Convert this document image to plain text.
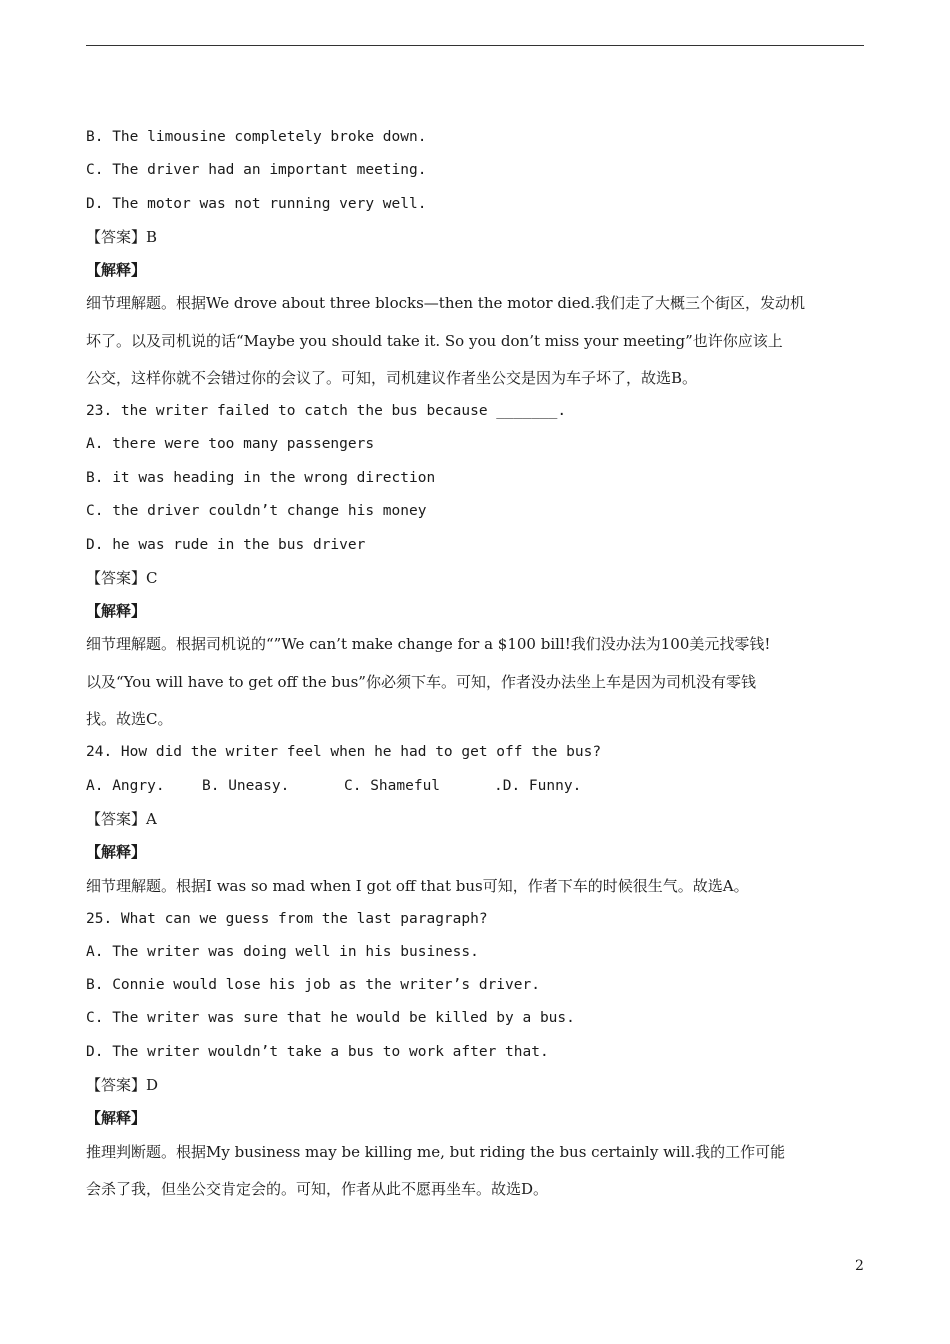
B. The limousine completely broke down.
C. The driver had an important meeting.
D. The motor was not running very well.
【答案】B
【解释】
细节理解题。根据We drove about three blocks—then the motor died.我们走了大概三个街区，发动机
坏了。以及司机说的话“Maybe you should take it. So you don’t miss your meeting”也许你应该上
公交，这样你就不会错过你的会议了。可知，司机建议作者坐公交是因为车子坏了，故选B。
23. the writer failed to catch the bus because _______.
A. there were too many passengers
B. it was heading in the wrong direction
C. the driver couldn’t change his money
D. he was rude in the bus driver
【答案】C
【解释】
细节理解题。根据司机说的“”We can’t make change for a $100 bill!我们没办法为100美元找零钱!
以及“You will have to get off the bus”你必须下车。可知，作者没办法坐上车是因为司机没有零钱
找。故选C。
24. How did the writer feel when he had to get off the bus?
A. Angry.	B. Uneasy.	C. Shameful	.D. Funny.
【答案】A
【解释】
细节理解题。根据I was so mad when I got off that bus可知，作者下车的时候很生气。故选A。
25. What can we guess from the last paragraph?
A. The writer was doing well in his business.
B. Connie would lose his job as the writer’s driver.
C. The writer was sure that he would be killed by a bus.
D. The writer wouldn’t take a bus to work after that.
【答案】D
【解释】
推理判断题。根据My business may be killing me, but riding the bus certainly will.我的工作可能
会杀了我，但坐公交肯定会的。可知，作者从此不愿再坐车。故选D。
2
